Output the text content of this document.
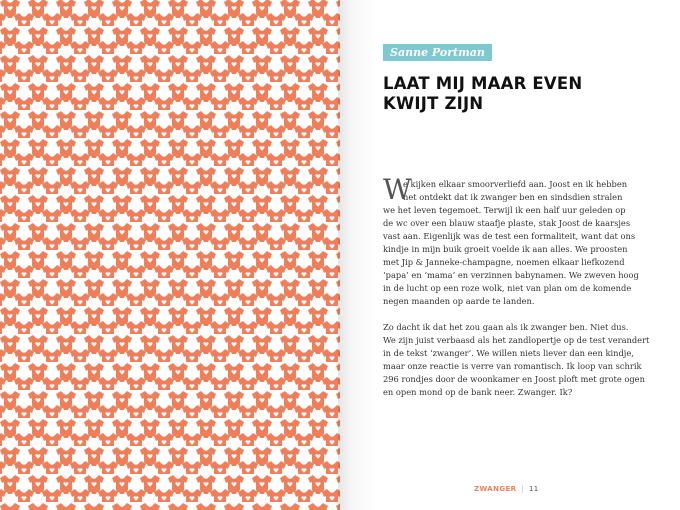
Sanne Portman
LAAT MIJ MAAR EVEN
KWIJT ZIJN
W
e kijken elkaar smoorverliefd aan. Joost en ik hebben
net ontdekt dat ik zwanger ben en sindsdien stralen
we het leven tegemoet. Terwijl ik een half uur geleden op
de wc over een blauw staafje plaste, stak Joost de kaarsjes
vast aan. Eigenlijk was de test een formaliteit, want dat ons
kindje in mijn buik groeit voelde ik aan alles. We proosten
met Jip & Janneke-champagne, noemen elkaar liefkozend
‘papa’ en ‘mama’ en verzinnen babynamen. We zweven hoog
in de lucht op een roze wolk, niet van plan om de komende
negen maanden op aarde te landen.
Zo dacht ik dat het zou gaan als ik zwanger ben. Niet dus.
We zijn juist verbaasd als het zandlopertje op de test verandert
in de tekst ‘zwanger’. We willen niets liever dan een kindje,
maar onze reactie is verre van romantisch. Ik loop van schrik
296 rondjes door de woonkamer en Joost ploft met grote ogen
en open mond op de bank neer. Zwanger. Ik?
ZWANGER | 11
